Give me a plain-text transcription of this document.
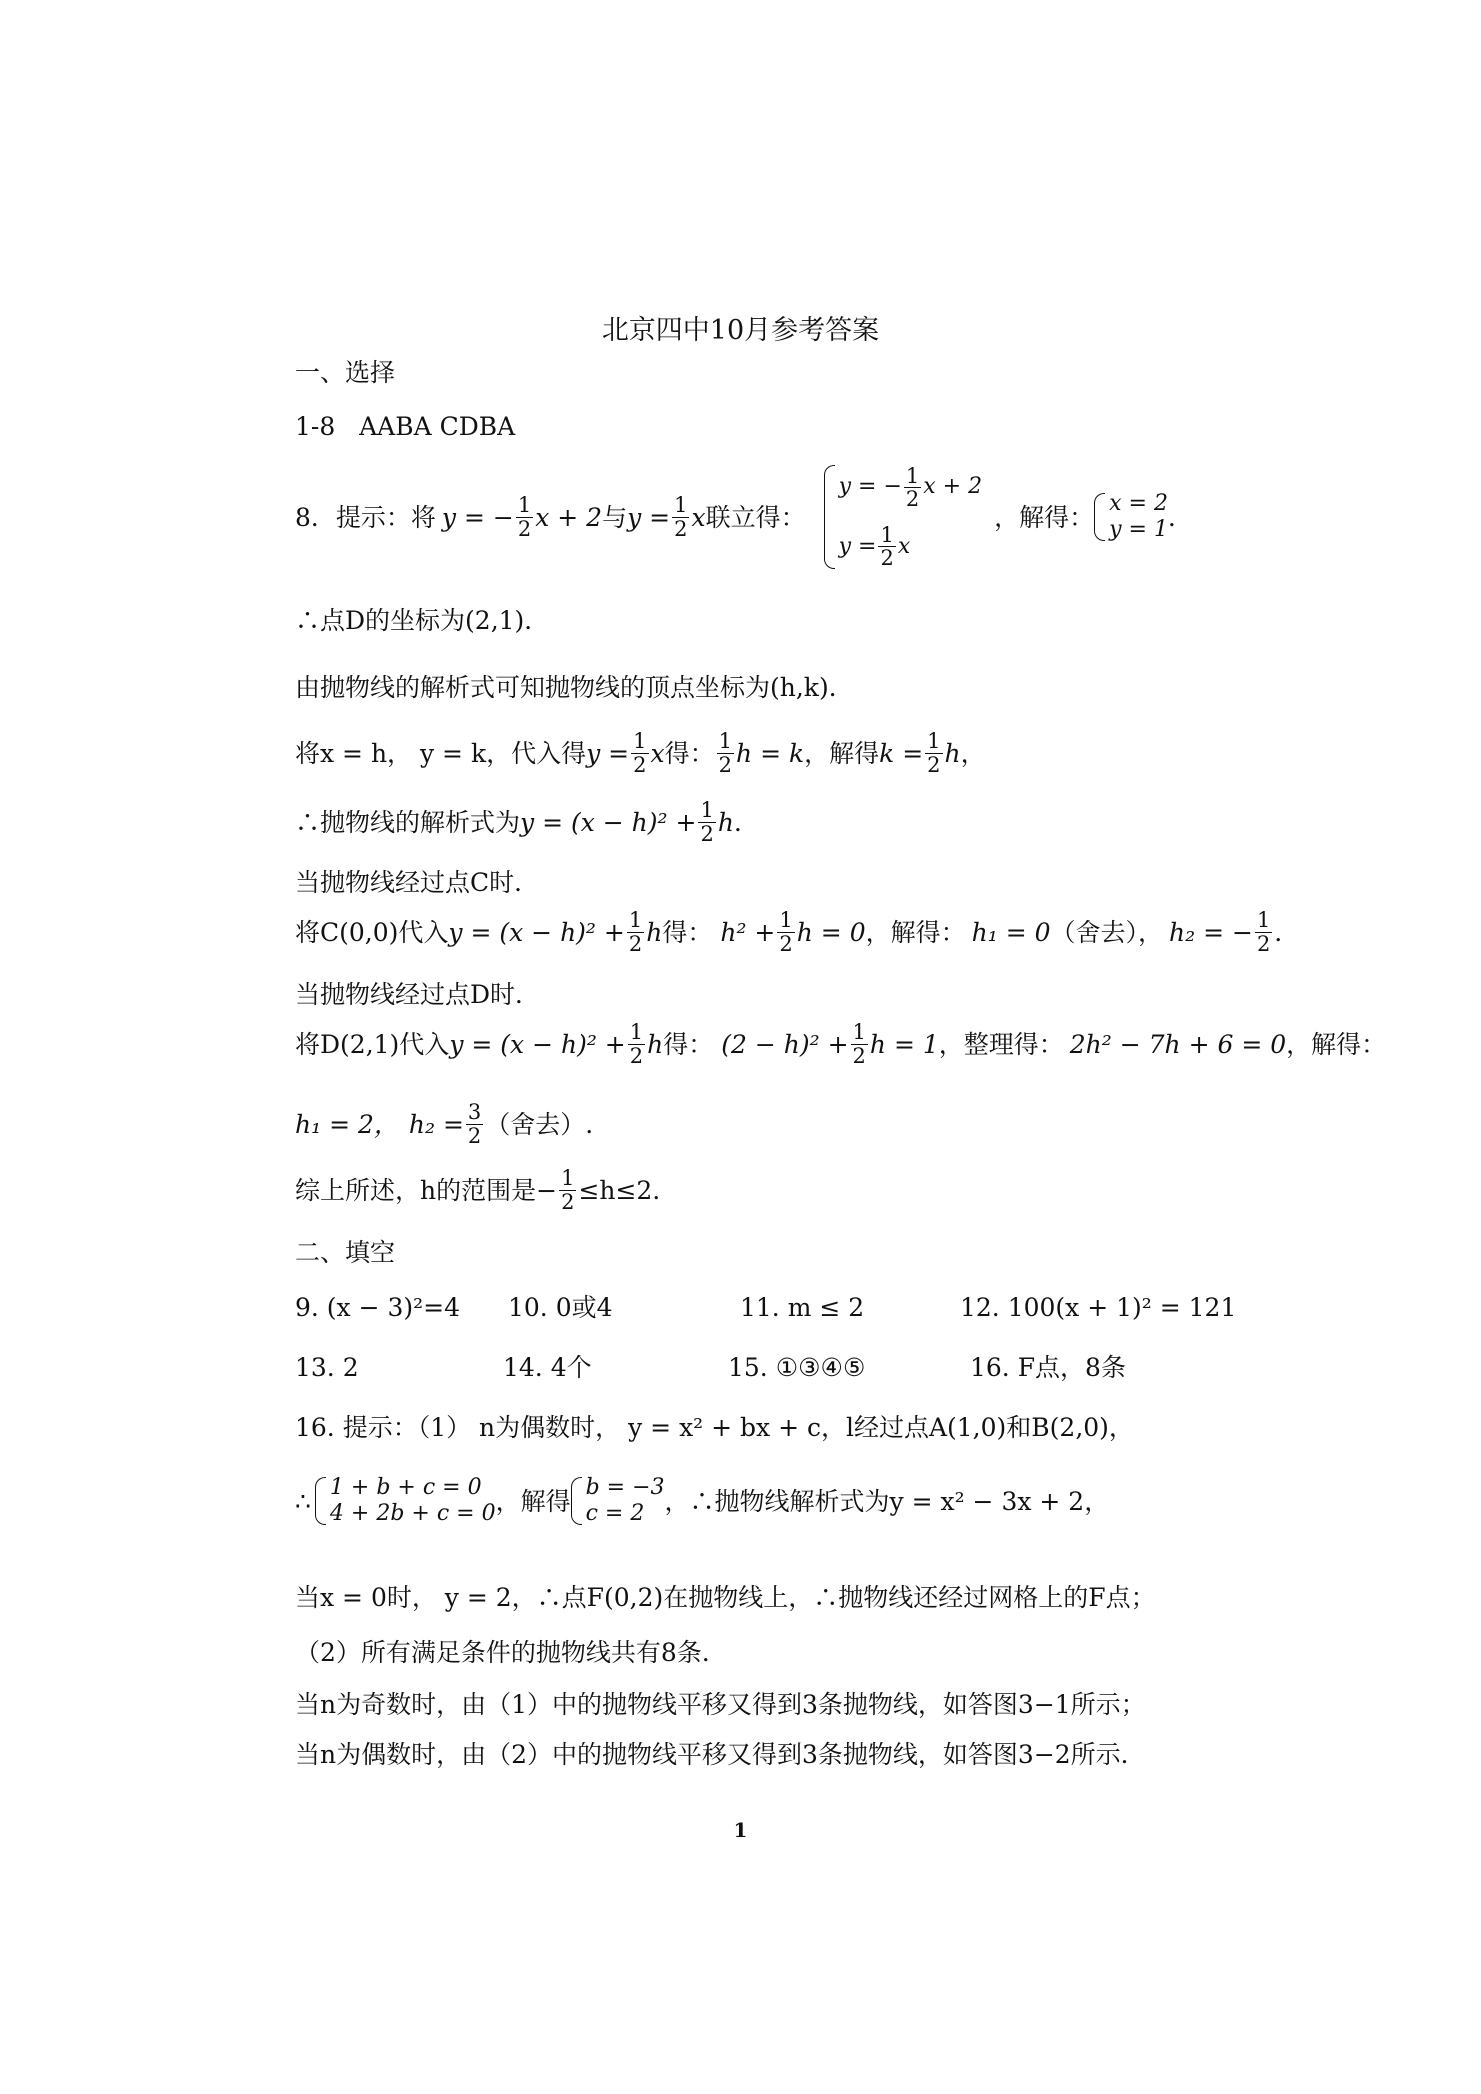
北京四中10月参考答案
一、选择
1-8 AABA CDBA
8．提示：将 y = − $\frac{1}{2}$ x + 2 与 $y = \frac{1}{2}$ x 联立得：
y = − $\frac{1}{2}$ x + 2
$y = \frac{1}{2}$ x
，解得： x = 2
y = 1 ．
∴点D的坐标为(2,1)．
由抛物线的解析式可知抛物线的顶点坐标为(h,k)．
将x = h， y = k，代入得 $y = \frac{1}{2}$ x 得： $\frac{1}{2}$ h = k ，解得 $k = \frac{1}{2}$ h ，
∴抛物线的解析式为 $y = (x - h)^2 + \frac{1}{2}$ h ．
当抛物线经过点C时．
将C(0,0)代入 $y = (x - h)^2 + \frac{1}{2}$ h 得： $h^2 + \frac{1}{2}$ h = 0 ，解得： h₁ = 0 （舍去）， h₂ = − $\frac{1}{2}$ ．
当抛物线经过点D时．
将D(2,1)代入 $y = (x - h)^2 + \frac{1}{2}$ h 得： $(2 - h)^2 + \frac{1}{2}$ h = 1 ，整理得： 2h² − 7h + 6 = 0 ，解得：
h₁ = 2， $h_2 = \frac{3}{2}$ （舍去）.
综上所述，h的范围是 − $\frac{1}{2} \le h\le 2$．
二、填空
9. (x − 3)²=4 10. 0或4	11. m ≤ 2	12. 100(x + 1)² = 121
13. 2	14. 4个	15. ①③④⑤	16. F点，8条
16. 提示：（1） n为偶数时， y = x² + bx + c，l经过点A(1,0)和B(2,0)，
∴ 1 + b + c = 0
4 + 2b + c = 0 ，解得 b = −3
c = 2 ，∴抛物线解析式为y = x² − 3x + 2，
当x = 0时， y = 2，∴点F(0,2)在抛物线上，∴抛物线还经过网格上的F点；
（2）所有满足条件的抛物线共有8条．
当n为奇数时，由（1）中的抛物线平移又得到3条抛物线，如答图3−1所示；
当n为偶数时，由（2）中的抛物线平移又得到3条抛物线，如答图3−2所示．
1
